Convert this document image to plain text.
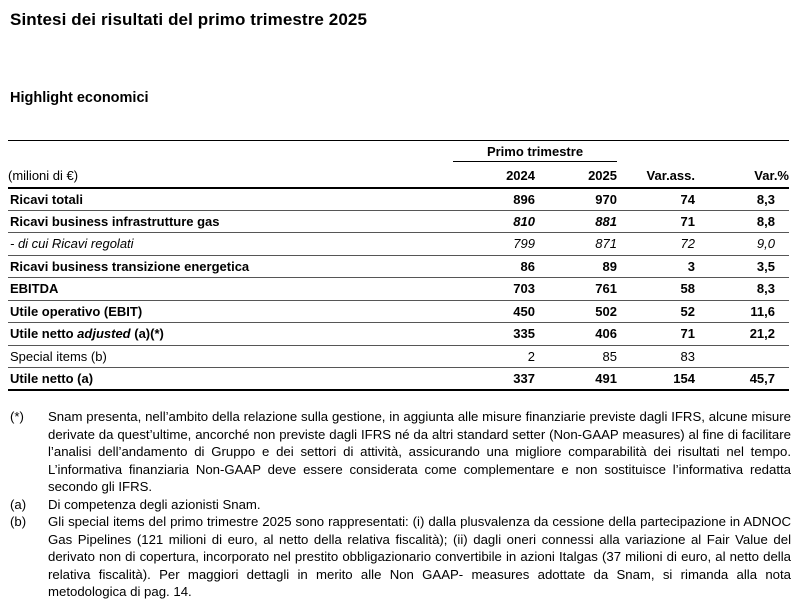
Sintesi dei risultati del primo trimestre 2025
Highlight economici
	Primo trimestre			
(milioni di €)	2024	2025	Var.ass.	Var.%
Ricavi totali	896	970	74	8,3
Ricavi business infrastrutture gas	810	881	71	8,8
- di cui Ricavi regolati	799	871	72	9,0
Ricavi business transizione energetica	86	89	3	3,5
EBITDA	703	761	58	8,3
Utile operativo (EBIT)	450	502	52	11,6
Utile netto adjusted (a)(*)	335	406	71	21,2
Special items (b)	2	85	83	
Utile netto (a)	337	491	154	45,7
(*)	Snam presenta, nell’ambito della relazione sulla gestione, in aggiunta alle misure finanziarie previste dagli IFRS, alcune misure derivate da quest’ultime, ancorché non previste dagli IFRS né da altri standard setter (Non-GAAP measures) al fine di facilitare l’analisi dell’andamento di Gruppo e dei settori di attività, assicurando una migliore comparabilità dei risultati nel tempo. L’informativa finanziaria Non-GAAP deve essere considerata come complementare e non sostituisce l’informativa redatta secondo gli IFRS.
(a)	Di competenza degli azionisti Snam.
(b)	Gli special items del primo trimestre 2025 sono rappresentati: (i) dalla plusvalenza da cessione della partecipazione in ADNOC Gas Pipelines (121 milioni di euro, al netto della relativa fiscalità); (ii) dagli oneri connessi alla variazione al Fair Value del derivato non di copertura, incorporato nel prestito obbligazionario convertibile in azioni Italgas (37 milioni di euro, al netto della relativa fiscalità). Per maggiori dettagli in merito alle Non GAAP- measures adottate da Snam, si rimanda alla nota metodologica di pag. 14.
